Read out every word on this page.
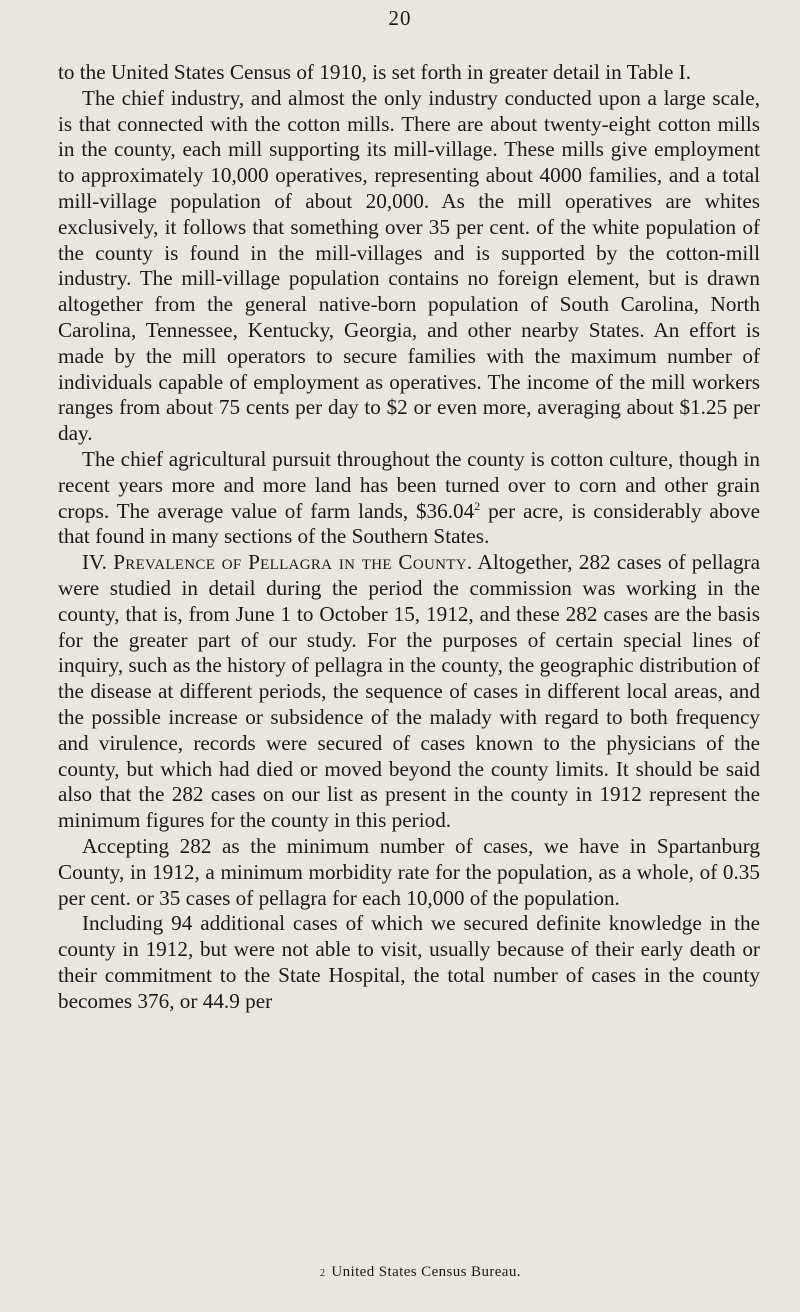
20

to the United States Census of 1910, is set forth in greater detail in Table I.

The chief industry, and almost the only industry conducted upon a large scale, is that connected with the cotton mills. There are about twenty-eight cotton mills in the county, each mill supporting its mill-village. These mills give employment to approximately 10,000 operatives, representing about 4000 families, and a total mill-village population of about 20,000. As the mill operatives are whites exclusively, it follows that something over 35 per cent. of the white population of the county is found in the mill-villages and is supported by the cotton-mill industry. The mill-village population contains no foreign element, but is drawn altogether from the general native-born population of South Carolina, North Carolina, Tennessee, Kentucky, Georgia, and other nearby States. An effort is made by the mill operators to secure families with the maximum number of individuals capable of employment as operatives. The income of the mill workers ranges from about 75 cents per day to $2 or even more, averaging about $1.25 per day.

The chief agricultural pursuit throughout the county is cotton culture, though in recent years more and more land has been turned over to corn and other grain crops. The average value of farm lands, $36.04$^2$ per acre, is considerably above that found in many sections of the Southern States.

IV. Prevalence of Pellagra in the County. Altogether, 282 cases of pellagra were studied in detail during the period the commission was working in the county, that is, from June 1 to October 15, 1912, and these 282 cases are the basis for the greater part of our study. For the purposes of certain special lines of inquiry, such as the history of pellagra in the county, the geographic distribution of the disease at different periods, the sequence of cases in different local areas, and the possible increase or subsidence of the malady with regard to both frequency and virulence, records were secured of cases known to the physicians of the county, but which had died or moved beyond the county limits. It should be said also that the 282 cases on our list as present in the county in 1912 represent the minimum figures for the county in this period.

Accepting 282 as the minimum number of cases, we have in Spartanburg County, in 1912, a minimum morbidity rate for the population, as a whole, of 0.35 per cent. or 35 cases of pellagra for each 10,000 of the population.

Including 94 additional cases of which we secured definite knowledge in the county in 1912, but were not able to visit, usually because of their early death or their commitment to the State Hospital, the total number of cases in the county becomes 376, or 44.9 per

2 United States Census Bureau.
